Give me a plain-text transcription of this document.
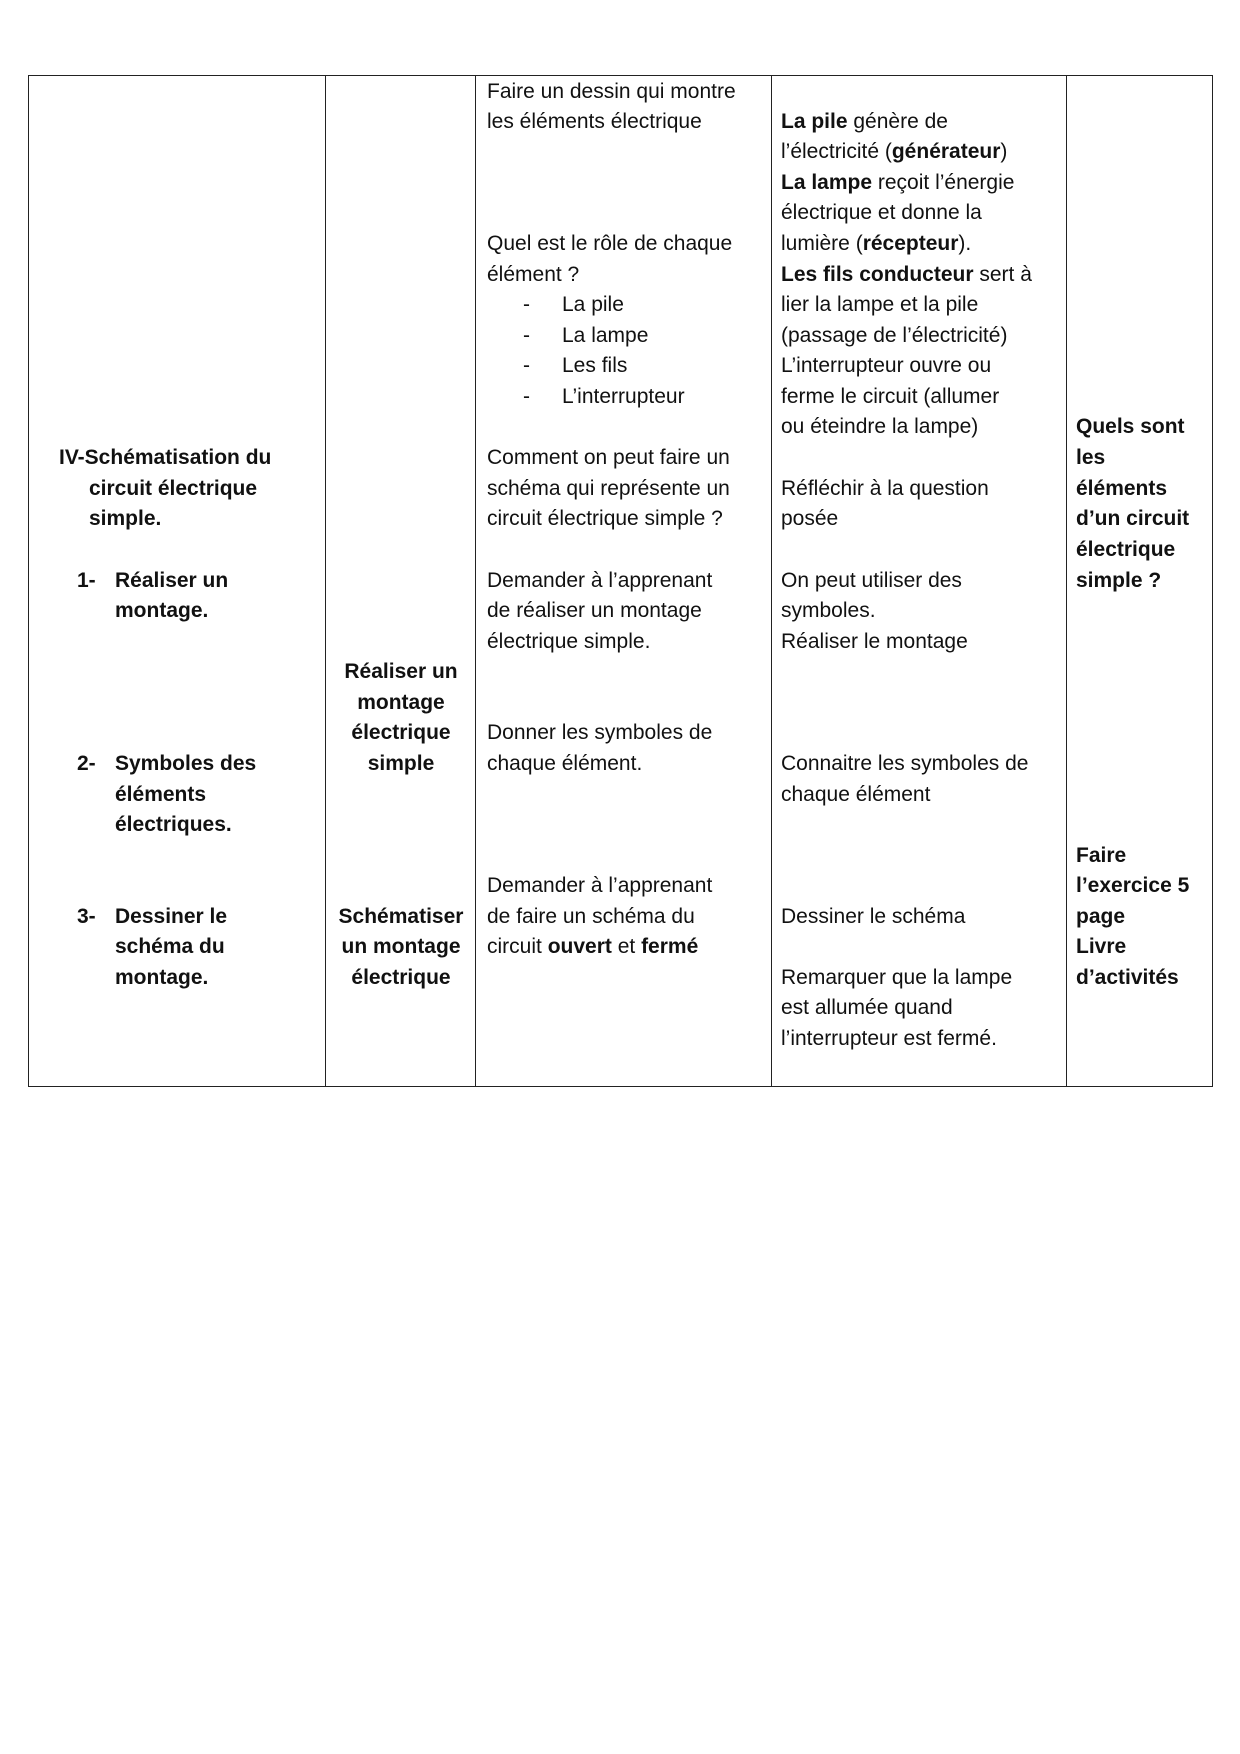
IV-Schématisation du
circuit électrique
simple.
1- Réaliser un
montage.
2- Symboles des
éléments
électriques.
3- Dessiner le
schéma du
montage.
Réaliser un
montage
électrique
simple
Schématiser
un montage
électrique
Faire un dessin qui montre
les éléments électrique
Quel est le rôle de chaque
élément ?
- La pile
- La lampe
- Les fils
- L’interrupteur
Comment on peut faire un
schéma qui représente un
circuit électrique simple ?
Demander à l’apprenant
de réaliser un montage
électrique simple.
Donner les symboles de
chaque élément.
Demander à l’apprenant
de faire un schéma du
circuit ouvert et fermé
La pile génère de
l’électricité (générateur)
La lampe reçoit l’énergie
électrique et donne la
lumière (récepteur).
Les fils conducteur sert à
lier la lampe et la pile
(passage de l’électricité)
L’interrupteur ouvre ou
ferme le circuit (allumer
ou éteindre la lampe)
Réfléchir à la question
posée
On peut utiliser des
symboles.
Réaliser le montage
Connaitre les symboles de
chaque élément
Dessiner le schéma
Remarquer que la lampe
est allumée quand
l’interrupteur est fermé.
Quels sont
les
éléments
d’un circuit
électrique
simple ?
Faire
l’exercice 5
page
Livre
d’activités
